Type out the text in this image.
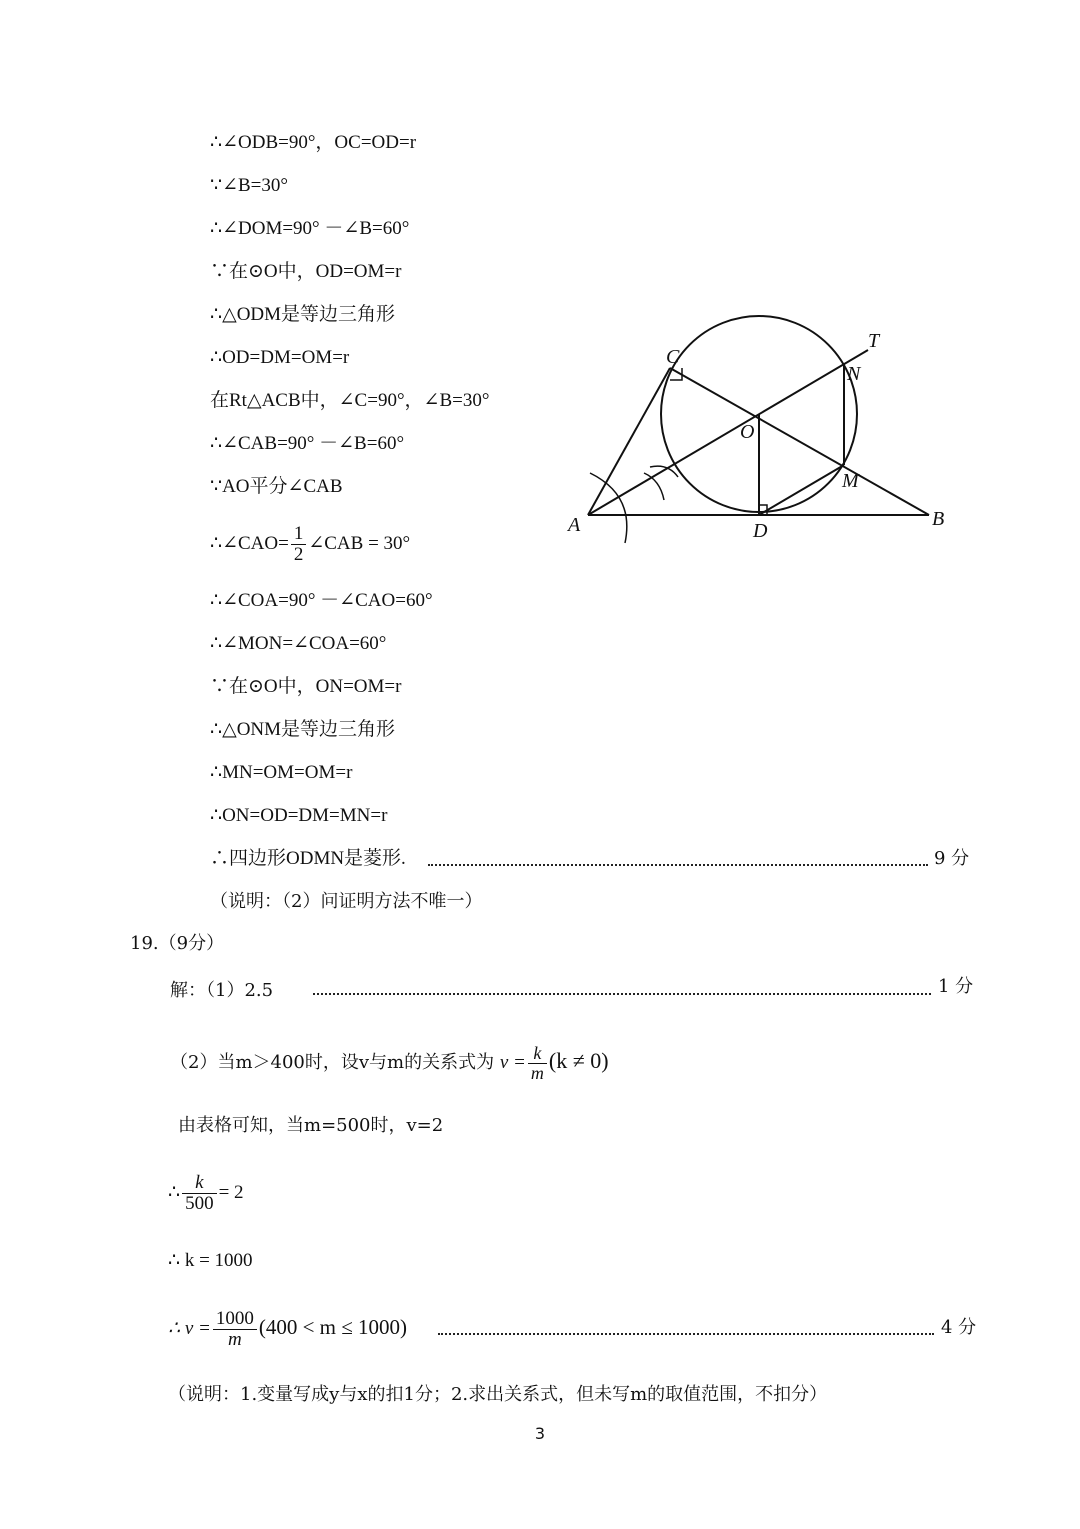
∴∠ODB=90°，OC=OD=r
∵∠B=30°
∴∠DOM=90° －∠B=60°
∵在⊙O中，OD=OM=r
∴△ODM是等边三角形
∴OD=DM=OM=r
在Rt△ACB中，∠C=90°，∠B=30°
∴∠CAB=90° －∠B=60°
∵AO平分∠CAB
∴∠CAO= $\frac{1}{2}$ ∠CAB = 30°
∴∠COA=90° －∠CAO=60°
∴∠MON=∠COA=60°
∵在⊙O中，ON=OM=r
∴△ONM是等边三角形
∴MN=OM=OM=r
∴ON=OD=DM=MN=r
∴四边形ODMN是菱形.	9 分
（说明：（2）问证明方法不唯一）
19.（9分）
解：（1）2.5	1 分
（2）当m＞400时，设v与m的关系式为 $v = \frac{k}{m} (k \ne 0)$
由表格可知，当m=500时，v=2
∴ $\frac{k}{500} = 2$
∴ k = 1000
∴ $v = \frac{1000}{m} (400 < m \le 1000)$	4 分
（说明：1.变量写成y与x的扣1分；2.求出关系式，但未写m的取值范围，不扣分）
3
A	B
C
D
O
M
N
T
